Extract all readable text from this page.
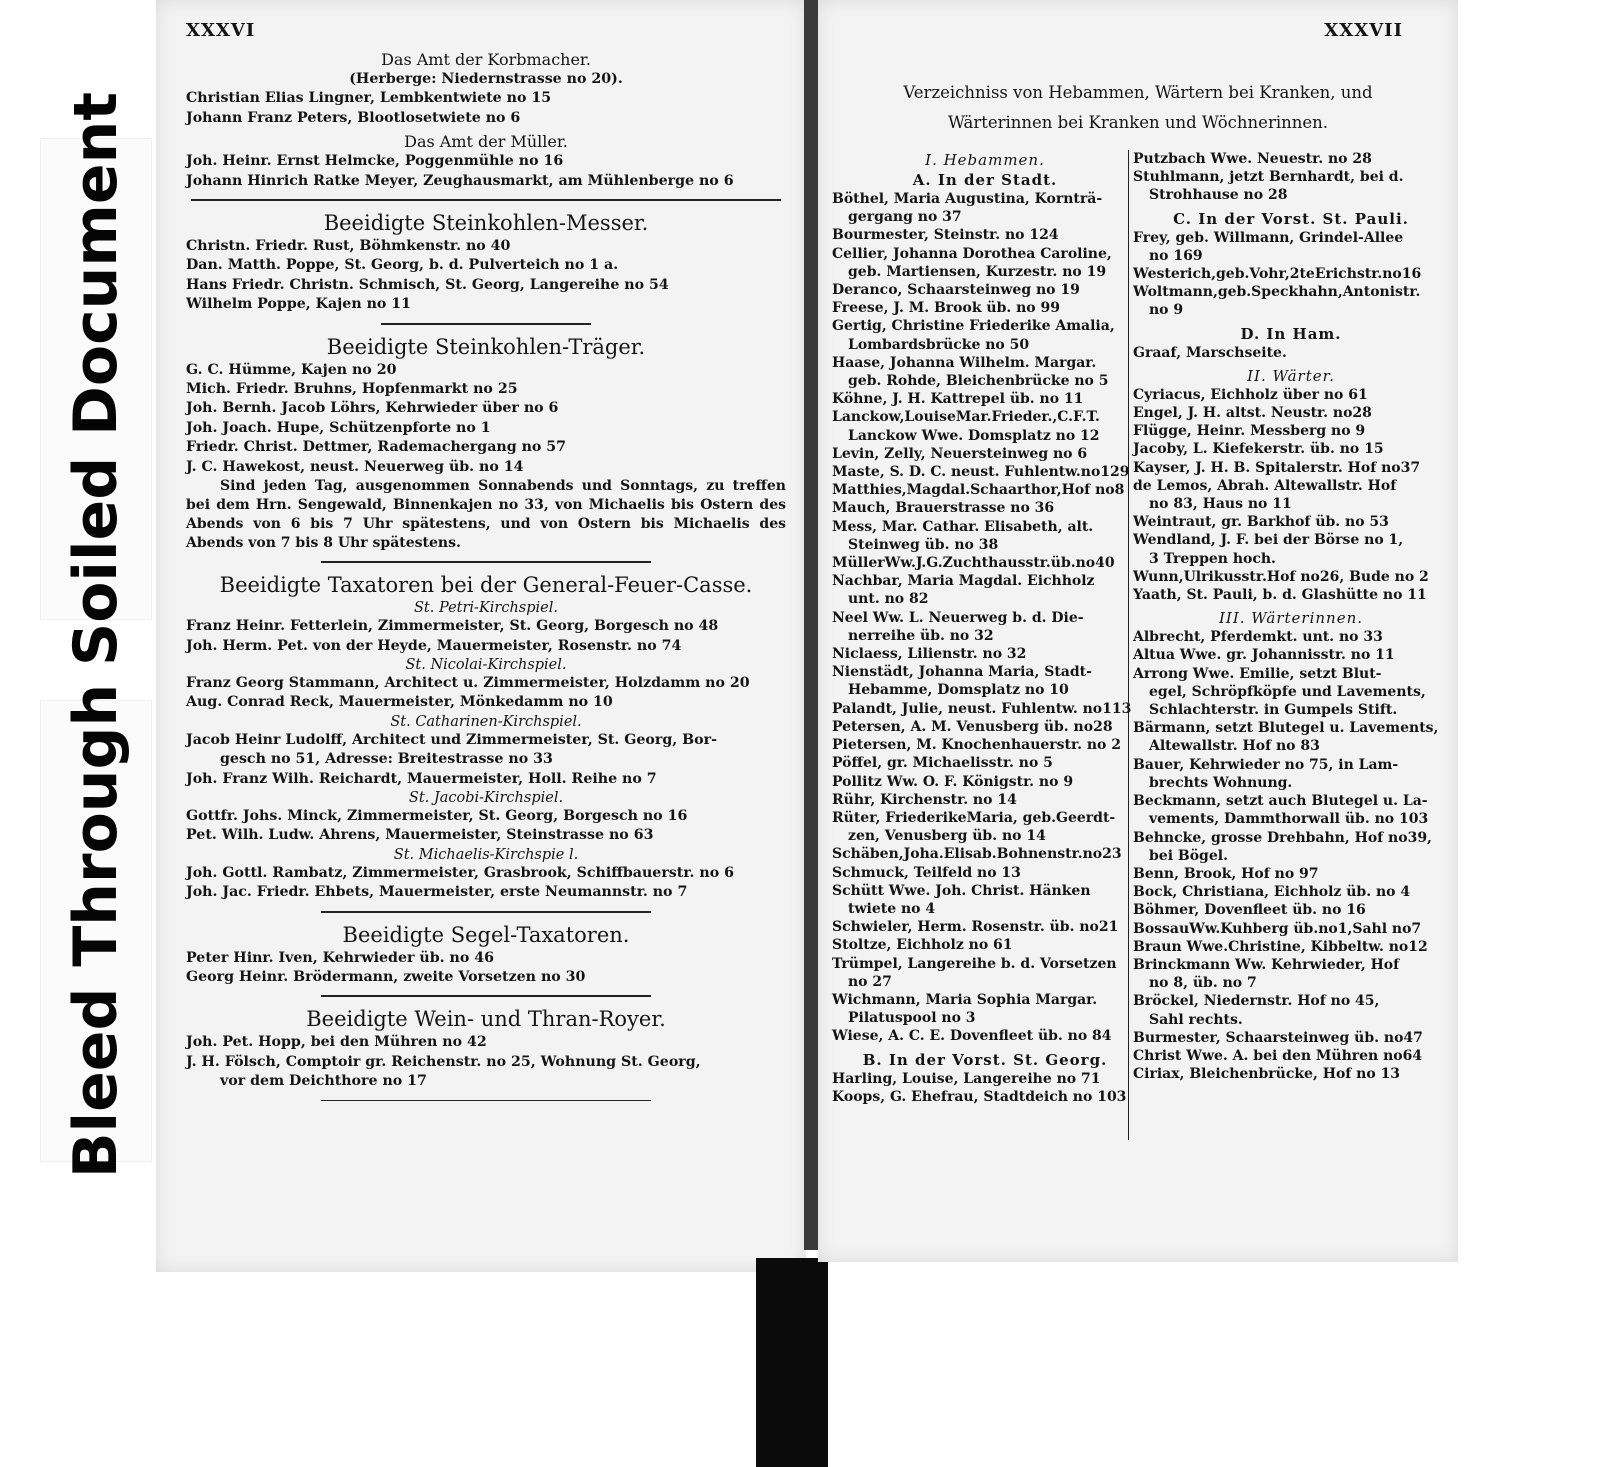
Soiled Document
Bleed Through
XXXVI
Das Amt der Korbmacher.
(Herberge: Niedernstrasse no 20).
Christian Elias Lingner, Lembkentwiete no 15
Johann Franz Peters, Blootlosetwiete no 6
Das Amt der Müller.
Joh. Heinr. Ernst Helmcke, Poggenmühle no 16
Johann Hinrich Ratke Meyer, Zeughausmarkt, am Mühlenberge no 6
Beeidigte Steinkohlen-Messer.
Christn. Friedr. Rust, Böhmkenstr. no 40
Dan. Matth. Poppe, St. Georg, b. d. Pulverteich no 1 a.
Hans Friedr. Christn. Schmisch, St. Georg, Langereihe no 54
Wilhelm Poppe, Kajen no 11
Beeidigte Steinkohlen-Träger.
G. C. Hümme, Kajen no 20
Mich. Friedr. Bruhns, Hopfenmarkt no 25
Joh. Bernh. Jacob Löhrs, Kehrwieder über no 6
Joh. Joach. Hupe, Schützenpforte no 1
Friedr. Christ. Dettmer, Rademachergang no 57
J. C. Hawekost, neust. Neuerweg üb. no 14
Sind jeden Tag, ausgenommen Sonnabends und Sonntags, zu treffen bei dem Hrn. Sengewald, Binnenkajen no 33, von Michaelis bis Ostern des Abends von 6 bis 7 Uhr spätestens, und von Ostern bis Michaelis des Abends von 7 bis 8 Uhr spätestens.
Beeidigte Taxatoren bei der General-Feuer-Casse.
St. Petri-Kirchspiel.
Franz Heinr. Fetterlein, Zimmermeister, St. Georg, Borgesch no 48
Joh. Herm. Pet. von der Heyde, Mauermeister, Rosenstr. no 74
St. Nicolai-Kirchspiel.
Franz Georg Stammann, Architect u. Zimmermeister, Holzdamm no 20
Aug. Conrad Reck, Mauermeister, Mönkedamm no 10
St. Catharinen-Kirchspiel.
Jacob Heinr Ludolff, Architect und Zimmermeister, St. Georg, Bor-
gesch no 51, Adresse: Breitestrasse no 33
Joh. Franz Wilh. Reichardt, Mauermeister, Holl. Reihe no 7
St. Jacobi-Kirchspiel.
Gottfr. Johs. Minck, Zimmermeister, St. Georg, Borgesch no 16
Pet. Wilh. Ludw. Ahrens, Mauermeister, Steinstrasse no 63
St. Michaelis-Kirchspie l.
Joh. Gottl. Rambatz, Zimmermeister, Grasbrook, Schiffbauerstr. no 6
Joh. Jac. Friedr. Ehbets, Mauermeister, erste Neumannstr. no 7
Beeidigte Segel-Taxatoren.
Peter Hinr. Iven, Kehrwieder üb. no 46
Georg Heinr. Brödermann, zweite Vorsetzen no 30
Beeidigte Wein- und Thran-Royer.
Joh. Pet. Hopp, bei den Mühren no 42
J. H. Fölsch, Comptoir gr. Reichenstr. no 25, Wohnung St. Georg,
vor dem Deichthore no 17
XXXVII
Verzeichniss von Hebammen, Wärtern bei Kranken, und
Wärterinnen bei Kranken und Wöchnerinnen.
I. Hebammen.
A. In der Stadt.
Böthel, Maria Augustina, Kornträ-
gergang no 37
Bourmester, Steinstr. no 124
Cellier, Johanna Dorothea Caroline,
geb. Martiensen, Kurzestr. no 19
Deranco, Schaarsteinweg no 19
Freese, J. M. Brook üb. no 99
Gertig, Christine Friederike Amalia,
Lombardsbrücke no 50
Haase, Johanna Wilhelm. Margar.
geb. Rohde, Bleichenbrücke no 5
Köhne, J. H. Kattrepel üb. no 11
Lanckow,LouiseMar.Frieder.,C.F.T.
Lanckow Wwe. Domsplatz no 12
Levin, Zelly, Neuersteinweg no 6
Maste, S. D. C. neust. Fuhlentw.no129
Matthies,Magdal.Schaarthor,Hof no8
Mauch, Brauerstrasse no 36
Mess, Mar. Cathar. Elisabeth, alt.
Steinweg üb. no 38
MüllerWw.J.G.Zuchthausstr.üb.no40
Nachbar, Maria Magdal. Eichholz
unt. no 82
Neel Ww. L. Neuerweg b. d. Die-
nerreihe üb. no 32
Niclaess, Lilienstr. no 32
Nienstädt, Johanna Maria, Stadt-
Hebamme, Domsplatz no 10
Palandt, Julie, neust. Fuhlentw. no113
Petersen, A. M. Venusberg üb. no28
Pietersen, M. Knochenhauerstr. no 2
Pöffel, gr. Michaelisstr. no 5
Pollitz Ww. O. F. Königstr. no 9
Rühr, Kirchenstr. no 14
Rüter, FriederikeMaria, geb.Geerdt-
zen, Venusberg üb. no 14
Schäben,Joha.Elisab.Bohnenstr.no23
Schmuck, Teilfeld no 13
Schütt Wwe. Joh. Christ. Hänken
twiete no 4
Schwieler, Herm. Rosenstr. üb. no21
Stoltze, Eichholz no 61
Trümpel, Langereihe b. d. Vorsetzen
no 27
Wichmann, Maria Sophia Margar.
Pilatuspool no 3
Wiese, A. C. E. Dovenfleet üb. no 84
B. In der Vorst. St. Georg.
Harling, Louise, Langereihe no 71
Koops, G. Ehefrau, Stadtdeich no 103
Putzbach Wwe. Neuestr. no 28
Stuhlmann, jetzt Bernhardt, bei d.
Strohhause no 28
C. In der Vorst. St. Pauli.
Frey, geb. Willmann, Grindel-Allee
no 169
Westerich,geb.Vohr,2teErichstr.no16
Woltmann,geb.Speckhahn,Antonistr.
no 9
D. In Ham.
Graaf, Marschseite.
II. Wärter.
Cyriacus, Eichholz über no 61
Engel, J. H. altst. Neustr. no28
Flügge, Heinr. Messberg no 9
Jacoby, L. Kiefekerstr. üb. no 15
Kayser, J. H. B. Spitalerstr. Hof no37
de Lemos, Abrah. Altewallstr. Hof
no 83, Haus no 11
Weintraut, gr. Barkhof üb. no 53
Wendland, J. F. bei der Börse no 1,
3 Treppen hoch.
Wunn,Ulrikusstr.Hof no26, Bude no 2
Yaath, St. Pauli, b. d. Glashütte no 11
III. Wärterinnen.
Albrecht, Pferdemkt. unt. no 33
Altua Wwe. gr. Johannisstr. no 11
Arrong Wwe. Emilie, setzt Blut-
egel, Schröpfköpfe und Lavements,
Schlachterstr. in Gumpels Stift.
Bärmann, setzt Blutegel u. Lavements,
Altewallstr. Hof no 83
Bauer, Kehrwieder no 75, in Lam-
brechts Wohnung.
Beckmann, setzt auch Blutegel u. La-
vements, Dammthorwall üb. no 103
Behncke, grosse Drehbahn, Hof no39,
bei Bögel.
Benn, Brook, Hof no 97
Bock, Christiana, Eichholz üb. no 4
Böhmer, Dovenfleet üb. no 16
BossauWw.Kuhberg üb.no1,Sahl no7
Braun Wwe.Christine, Kibbeltw. no12
Brinckmann Ww. Kehrwieder, Hof
no 8, üb. no 7
Bröckel, Niedernstr. Hof no 45,
Sahl rechts.
Burmester, Schaarsteinweg üb. no47
Christ Wwe. A. bei den Mühren no64
Ciriax, Bleichenbrücke, Hof no 13
